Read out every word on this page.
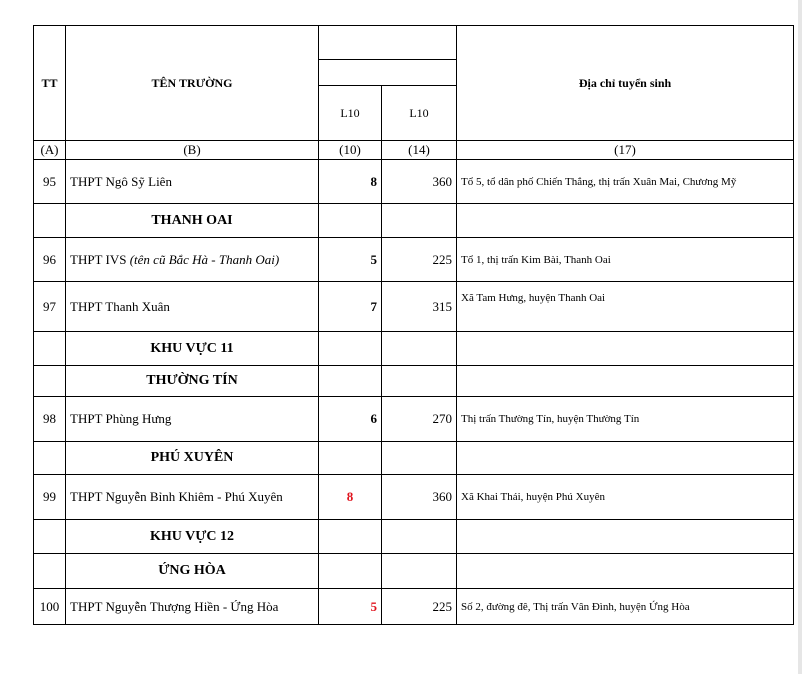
TT	TÊN TRƯỜNG			Địa chỉ tuyển sinh

		L10	L10	
(A)	(B)	(10)	(14)	(17)
95	THPT Ngô Sỹ Liên	8	360	Tổ 5, tổ dân phố Chiến Thắng, thị trấn Xuân Mai, Chương Mỹ
	THANH OAI			
96	THPT IVS (tên cũ Bắc Hà - Thanh Oai)	5	225	Tổ 1, thị trấn Kim Bài, Thanh Oai
97	THPT Thanh Xuân	7	315	Xã Tam Hưng, huyện Thanh Oai
	KHU VỰC 11			
	THƯỜNG TÍN			
98	THPT Phùng Hưng	6	270	Thị trấn Thường Tín, huyện Thường Tín
	PHÚ XUYÊN			
99	THPT Nguyễn Bỉnh Khiêm - Phú Xuyên	8	360	Xã Khai Thái, huyện Phú Xuyên
	KHU VỰC 12			
	ỨNG HÒA			
100	THPT Nguyễn Thượng Hiền - Ứng Hòa	5	225	Số 2, đường đê, Thị trấn Vân Đình, huyện Ứng Hòa
